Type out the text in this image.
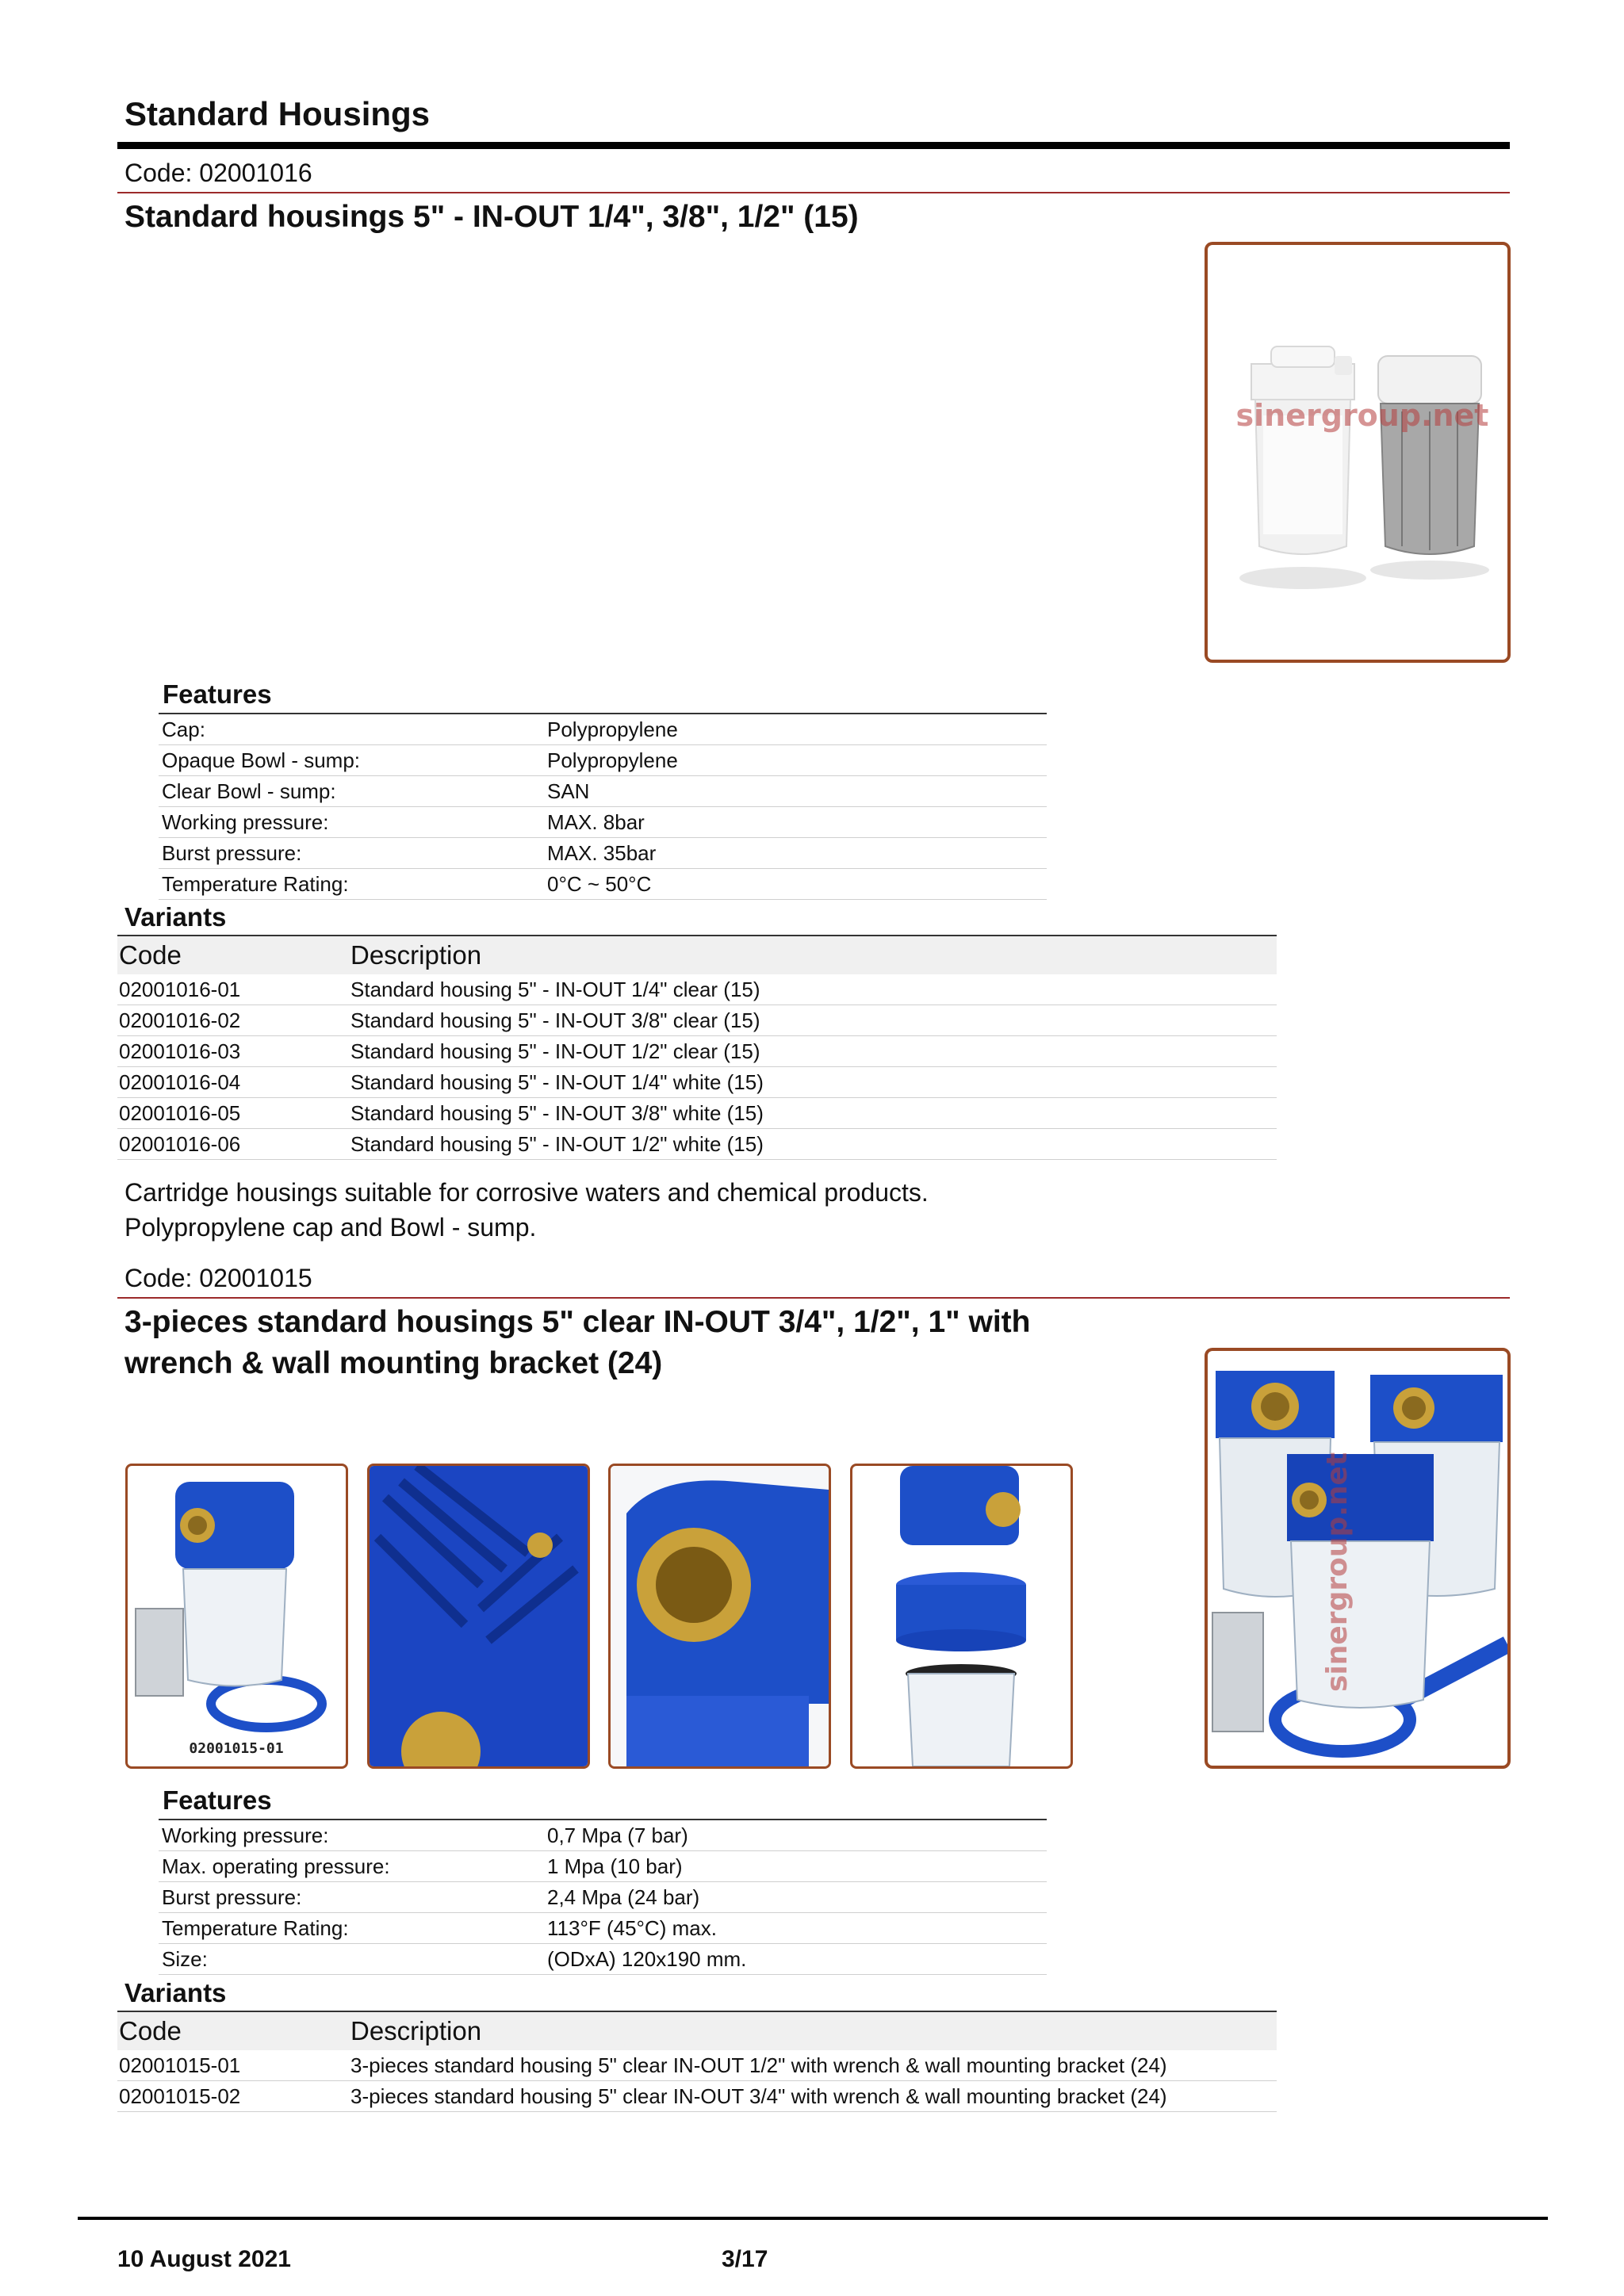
Standard Housings
Code: 02001016
Standard housings 5" - IN-OUT 1/4", 3/8", 1/2" (15)
sinergroup.net
Features
Cap:	Polypropylene
Opaque Bowl - sump:	Polypropylene
Clear Bowl - sump:	SAN
Working pressure:	MAX. 8bar
Burst pressure:	MAX. 35bar
Temperature Rating:	0°C ~ 50°C
Variants
Code	Description
02001016-01	Standard housing 5" - IN-OUT 1/4" clear (15)
02001016-02	Standard housing 5" - IN-OUT 3/8" clear (15)
02001016-03	Standard housing 5" - IN-OUT 1/2" clear (15)
02001016-04	Standard housing 5" - IN-OUT 1/4" white (15)
02001016-05	Standard housing 5" - IN-OUT 3/8" white (15)
02001016-06	Standard housing 5" - IN-OUT 1/2" white (15)
Cartridge housings suitable for corrosive waters and chemical products.
Polypropylene cap and Bowl - sump.
Code: 02001015
3-pieces standard housings 5" clear IN-OUT 3/4", 1/2", 1" with
wrench & wall mounting bracket (24)
sinergroup.net
02001015-01
Features
Working pressure:	0,7 Mpa (7 bar)
Max. operating pressure:	1 Mpa (10 bar)
Burst pressure:	2,4 Mpa (24 bar)
Temperature Rating:	113°F (45°C) max.
Size:	(ODxA) 120x190 mm.
Variants
Code	Description
02001015-01	3-pieces standard housing 5" clear IN-OUT 1/2" with wrench & wall mounting bracket (24)
02001015-02	3-pieces standard housing 5" clear IN-OUT 3/4" with wrench & wall mounting bracket (24)
10 August 2021	3/17
